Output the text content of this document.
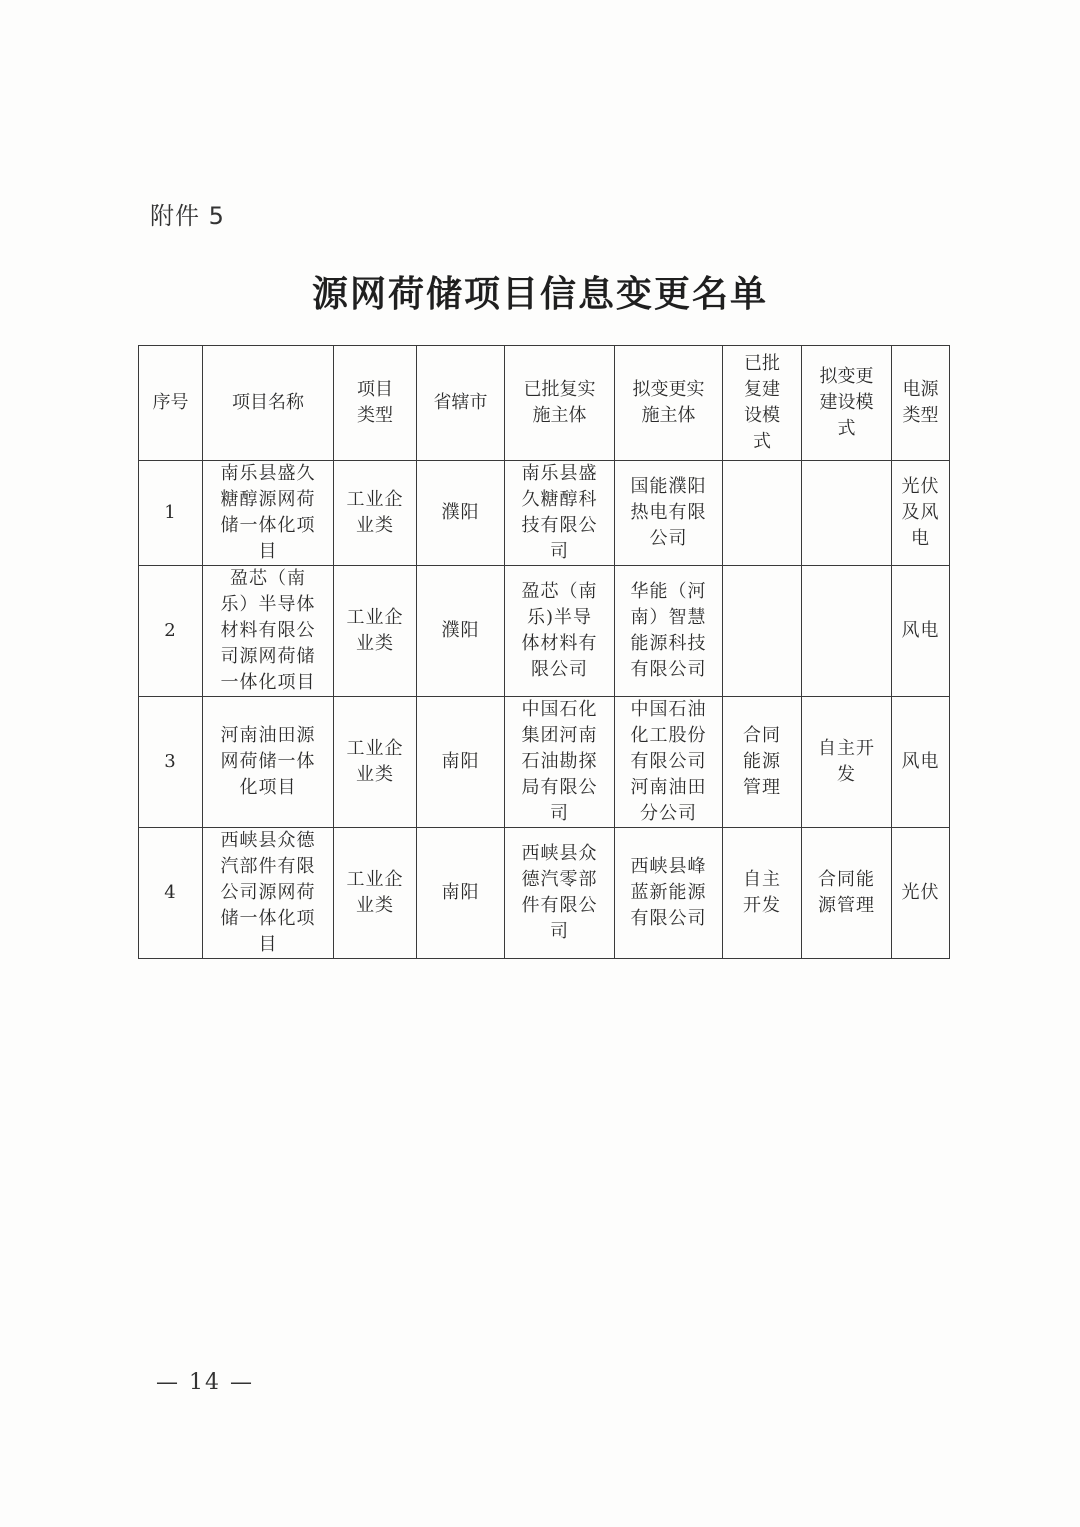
附件 5
源网荷储项目信息变更名单
序号	项目名称	项目类型	省辖市	已批复实施主体	拟变更实施主体	已批复建设模式	拟变更建设模式	电源类型
1	南乐县盛久糖醇源网荷储一体化项目	工业企业类	濮阳	南乐县盛久糖醇科技有限公司	国能濮阳热电有限公司			光伏及风电
2	盈芯（南乐）半导体材料有限公司源网荷储一体化项目	工业企业类	濮阳	盈芯（南乐)半导体材料有限公司	华能（河南）智慧能源科技有限公司			风电
3	河南油田源网荷储一体化项目	工业企业类	南阳	中国石化集团河南石油勘探局有限公司	中国石油化工股份有限公司河南油田分公司	合同能源管理	自主开发	风电
4	西峡县众德汽部件有限公司源网荷储一体化项目	工业企业类	南阳	西峡县众德汽零部件有限公司	西峡县峰蓝新能源有限公司	自主开发	合同能源管理	光伏
— 14 —
